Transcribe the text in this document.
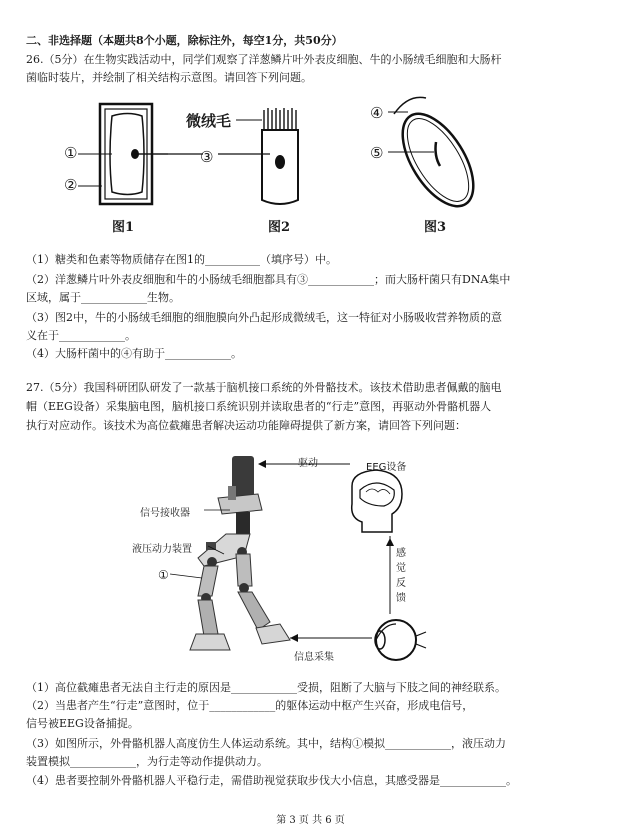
二、非选择题（本题共8个小题，除标注外，每空1分，共50分）
26.（5分）在生物实践活动中，同学们观察了洋葱鳞片叶外表皮细胞、牛的小肠绒毛细胞和大肠杆
菌临时装片，并绘制了相关结构示意图。请回答下列问题。
①
②
③
微绒毛	④
⑤
图1	图2	图3
（1）糖类和色素等物质储存在图1的__________（填序号）中。
（2）洋葱鳞片叶外表皮细胞和牛的小肠绒毛细胞都具有③____________；而大肠杆菌只有DNA集中
区域，属于____________生物。
（3）图2中，牛的小肠绒毛细胞的细胞膜向外凸起形成微绒毛，这一特征对小肠吸收营养物质的意
义在于____________。
（4）大肠杆菌中的④有助于____________。
27.（5分）我国科研团队研发了一款基于脑机接口系统的外骨骼技术。该技术借助患者佩戴的脑电
帽（EEG设备）采集脑电图，脑机接口系统识别并读取患者的“行走”意图，再驱动外骨骼机器人
执行对应动作。该技术为高位截瘫患者解决运动功能障碍提供了新方案，请回答下列问题：
驱动	EEG设备
信号接收器
液压动力装置
①
感觉反馈
信息采集
（1）高位截瘫患者无法自主行走的原因是____________受损，阻断了大脑与下肢之间的神经联系。
（2）当患者产生“行走”意图时，位于____________的躯体运动中枢产生兴奋，形成电信号，
信号被EEG设备捕捉。
（3）如图所示，外骨骼机器人高度仿生人体运动系统。其中，结构①模拟____________，液压动力
装置模拟____________，为行走等动作提供动力。
（4）患者要控制外骨骼机器人平稳行走，需借助视觉获取步伐大小信息，其感受器是____________。
第 3 页 共 6 页
